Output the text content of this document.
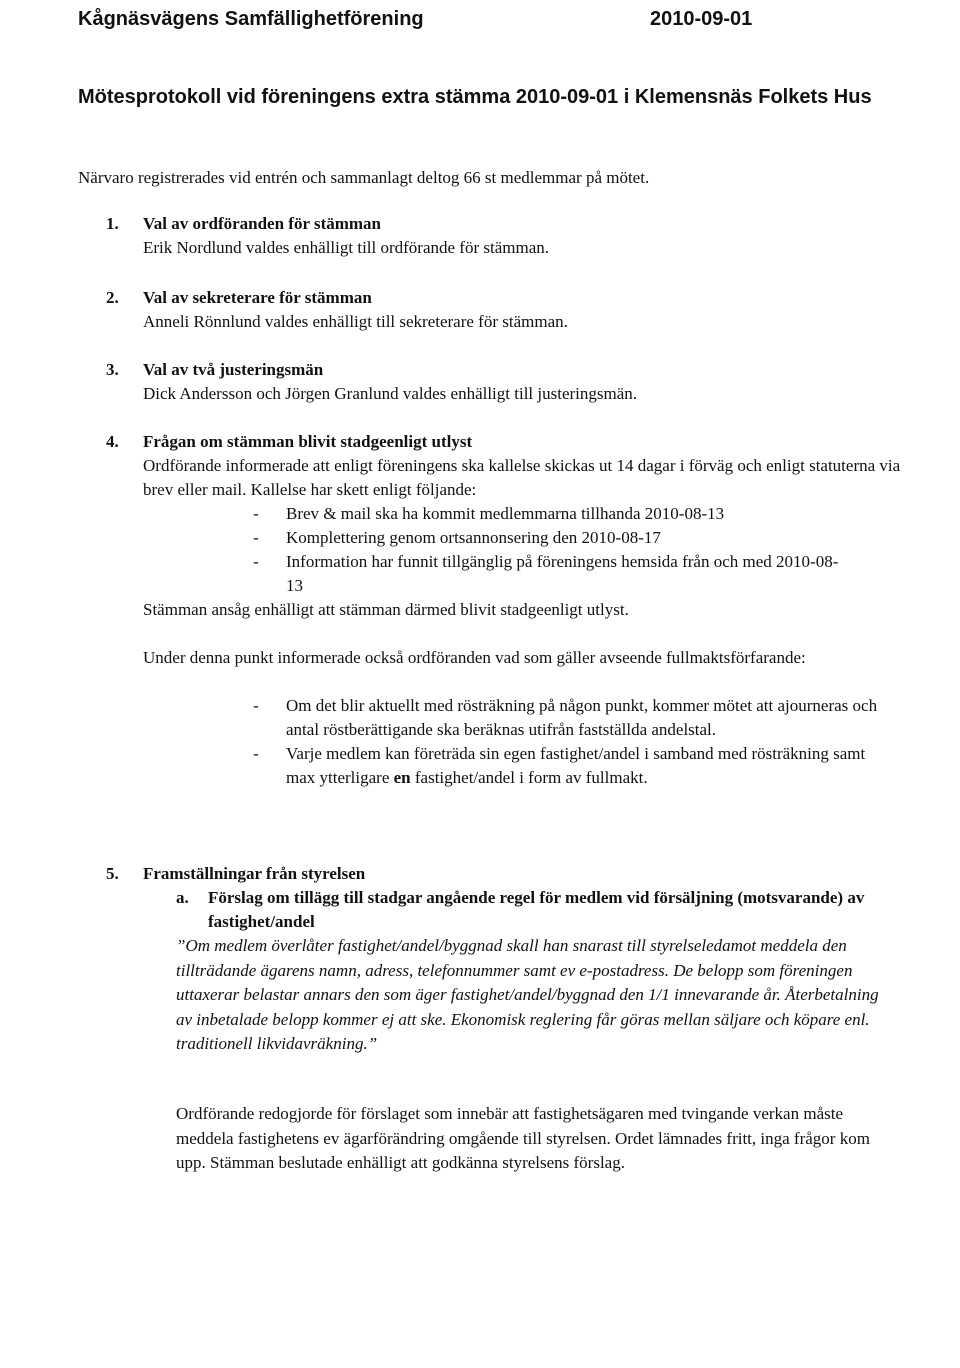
Kågnäsvägens Samfällighetförening	2010-09-01
Mötesprotokoll vid föreningens extra stämma 2010-09-01 i Klemensnäs Folkets Hus

Närvaro registrerades vid entrén och sammanlagt deltog 66 st medlemmar på mötet.

1. Val av ordföranden för stämman
Erik Nordlund valdes enhälligt till ordförande för stämman.
2. Val av sekreterare för stämman
Anneli Rönnlund valdes enhälligt till sekreterare för stämman.
3. Val av två justeringsmän
Dick Andersson och Jörgen Granlund valdes enhälligt till justeringsmän.
4. Frågan om stämman blivit stadgeenligt utlyst

Ordförande informerade att enligt föreningens ska kallelse skickas ut 14 dagar i förväg och enligt statuterna via brev eller mail. Kallelse har skett enligt följande:

- Brev & mail ska ha kommit medlemmarna tillhanda 2010-08-13
- Komplettering genom ortsannonsering den 2010-08-17
- Information har funnit tillgänglig på föreningens hemsida från och med 2010-08-13

Stämman ansåg enhälligt att stämman därmed blivit stadgeenligt utlyst.

Under denna punkt informerade också ordföranden vad som gäller avseende fullmaktsförfarande:

- Om det blir aktuellt med rösträkning på någon punkt, kommer mötet att ajourneras och antal röstberättigande ska beräknas utifrån fastställda andelstal.
- Varje medlem kan företräda sin egen fastighet/andel i samband med rösträkning samt max ytterligare en fastighet/andel i form av fullmakt.
5. Framställningar från styrelsen
a. Förslag om tillägg till stadgar angående regel för medlem vid försäljning (motsvarande) av fastighet/andel

”Om medlem överlåter fastighet/andel/byggnad skall han snarast till styrelseledamot meddela den tillträdande ägarens namn, adress, telefonnummer samt ev e-postadress. De belopp som föreningen uttaxerar belastar annars den som äger fastighet/andel/byggnad den 1/1 innevarande år. Återbetalning av inbetalade belopp kommer ej att ske. Ekonomisk reglering får göras mellan säljare och köpare enl. traditionell likvidavräkning.”

Ordförande redogjorde för förslaget som innebär att fastighetsägaren med tvingande verkan måste meddela fastighetens ev ägarförändring omgående till styrelsen. Ordet lämnades fritt, inga frågor kom upp. Stämman beslutade enhälligt att godkänna styrelsens förslag.
